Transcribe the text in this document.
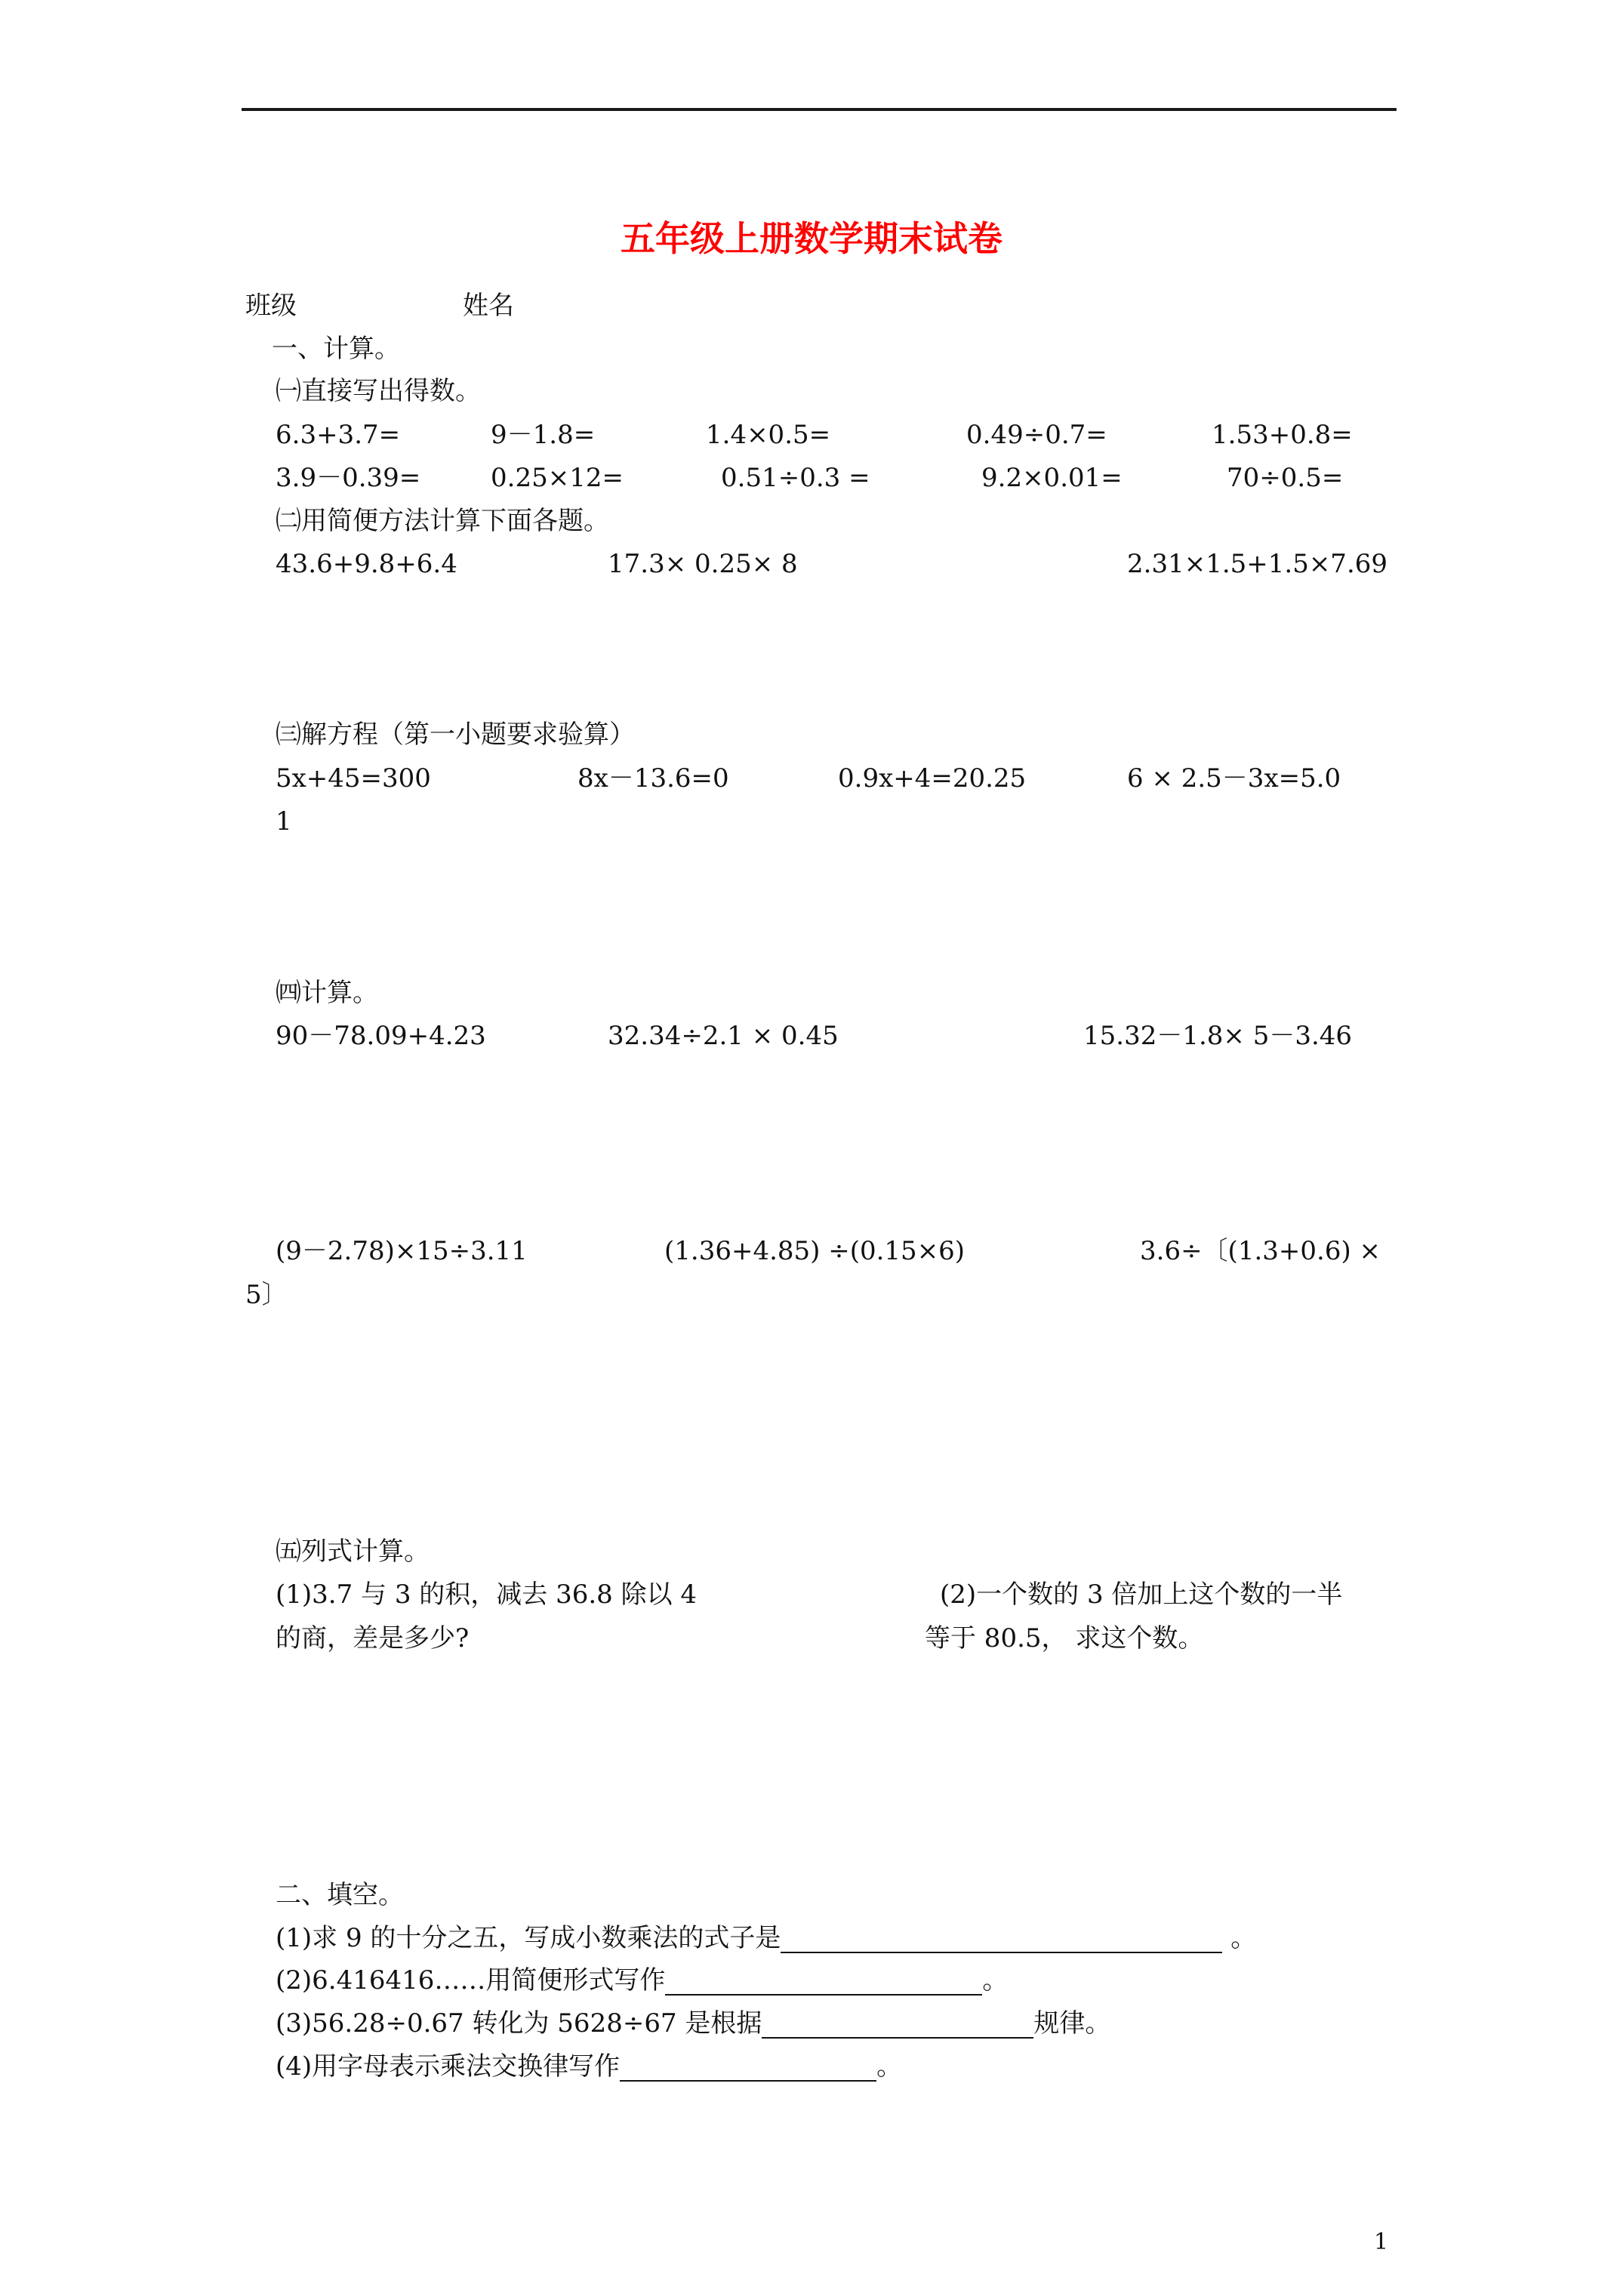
五年级上册数学期末试卷
班级	姓名
一、计算。
㈠直接写出得数。
6.3+3.7=	9－1.8=	1.4×0.5=	0.49÷0.7=	1.53+0.8=
3.9－0.39=	0.25×12=	0.51÷0.3 =	9.2×0.01=	70÷0.5=
㈡用简便方法计算下面各题。
43.6+9.8+6.4	17.3× 0.25× 8	2.31×1.5+1.5×7.69
㈢解方程（第一小题要求验算）
5x+45=300	8x－13.6=0	0.9x+4=20.25	6 × 2.5－3x=5.0
1
㈣计算。
90－78.09+4.23	32.34÷2.1 × 0.45	15.32－1.8× 5－3.46
(9－2.78)×15÷3.11	(1.36+4.85) ÷(0.15×6)	3.6÷〔(1.3+0.6) ×
5〕
㈤列式计算。
(1)3.7 与 3 的积，减去 36.8 除以 4
的商，差是多少?
(2)一个数的 3 倍加上这个数的一半
等于 80.5， 求这个数。
二、填空。
(1)求 9 的十分之五，写成小数乘法的式子是	。
(2)6.416416……用简便形式写作	。
(3)56.28÷0.67 转化为 5628÷67 是根据	规律。
(4)用字母表示乘法交换律写作	。
1
